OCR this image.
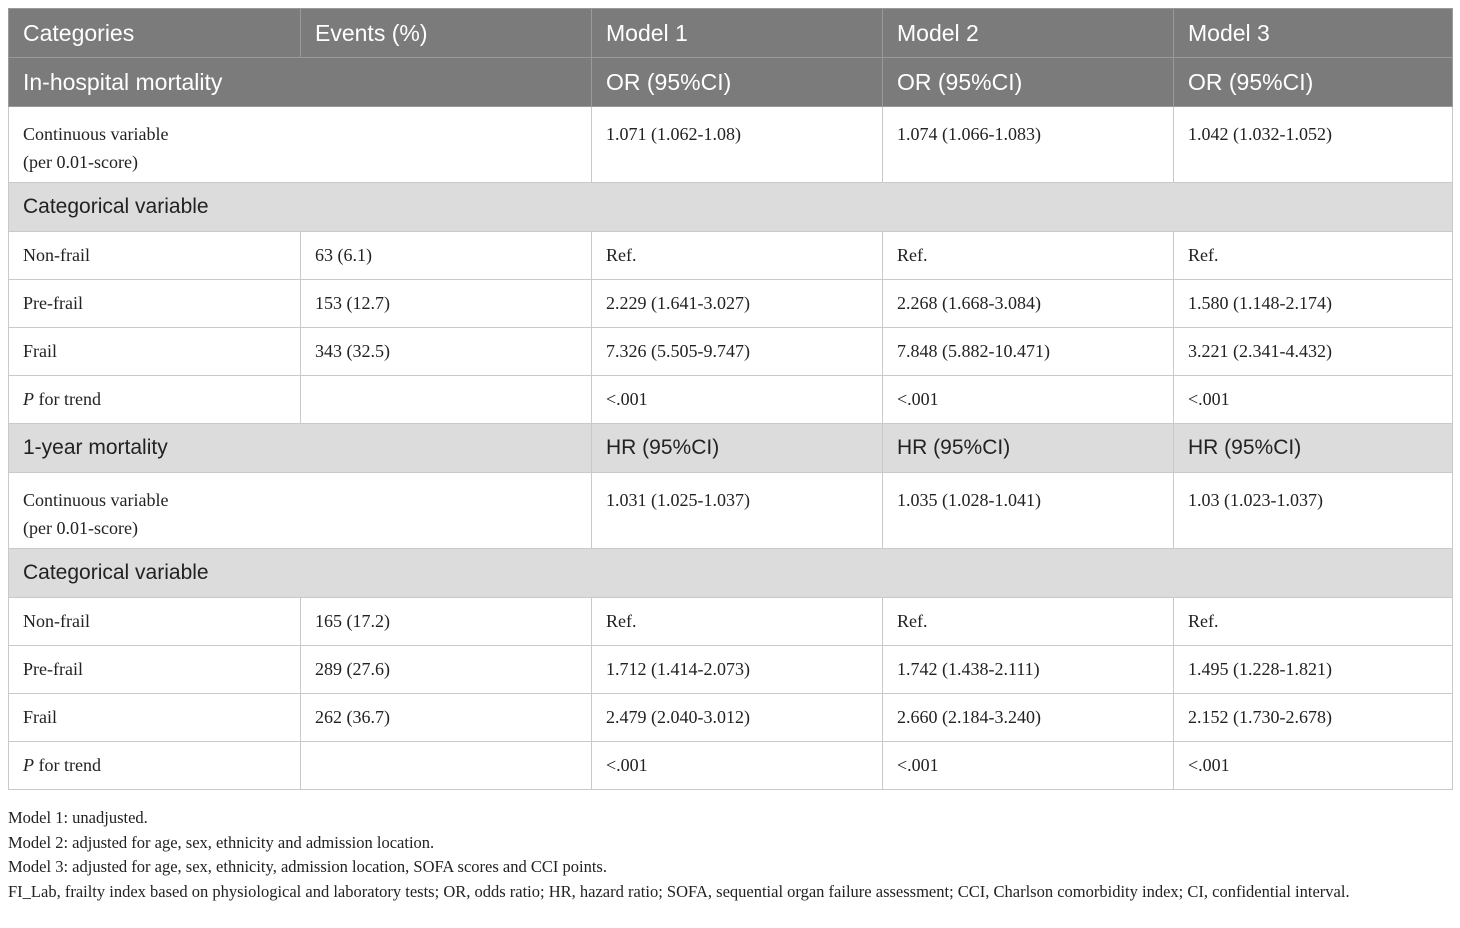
Categories	Events (%)	Model 1	Model 2	Model 3
In-hospital mortality		OR (95%CI)	OR (95%CI)	OR (95%CI)
Continuous variable
(per 0.01-score)		1.071 (1.062-1.08)	1.074 (1.066-1.083)	1.042 (1.032-1.052)
Categorical variable				
Non-frail	63 (6.1)	Ref.	Ref.	Ref.
Pre-frail	153 (12.7)	2.229 (1.641-3.027)	2.268 (1.668-3.084)	1.580 (1.148-2.174)
Frail	343 (32.5)	7.326 (5.505-9.747)	7.848 (5.882-10.471)	3.221 (2.341-4.432)
P for trend		<.001	<.001	<.001
1-year mortality		HR (95%CI)	HR (95%CI)	HR (95%CI)
Continuous variable
(per 0.01-score)		1.031 (1.025-1.037)	1.035 (1.028-1.041)	1.03 (1.023-1.037)
Categorical variable				
Non-frail	165 (17.2)	Ref.	Ref.	Ref.
Pre-frail	289 (27.6)	1.712 (1.414-2.073)	1.742 (1.438-2.111)	1.495 (1.228-1.821)
Frail	262 (36.7)	2.479 (2.040-3.012)	2.660 (2.184-3.240)	2.152 (1.730-2.678)
P for trend		<.001	<.001	<.001

Model 1: unadjusted.

Model 2: adjusted for age, sex, ethnicity and admission location.

Model 3: adjusted for age, sex, ethnicity, admission location, SOFA scores and CCI points.

FI_Lab, frailty index based on physiological and laboratory tests; OR, odds ratio; HR, hazard ratio; SOFA, sequential organ failure assessment; CCI, Charlson comorbidity index; CI, confidential interval.
